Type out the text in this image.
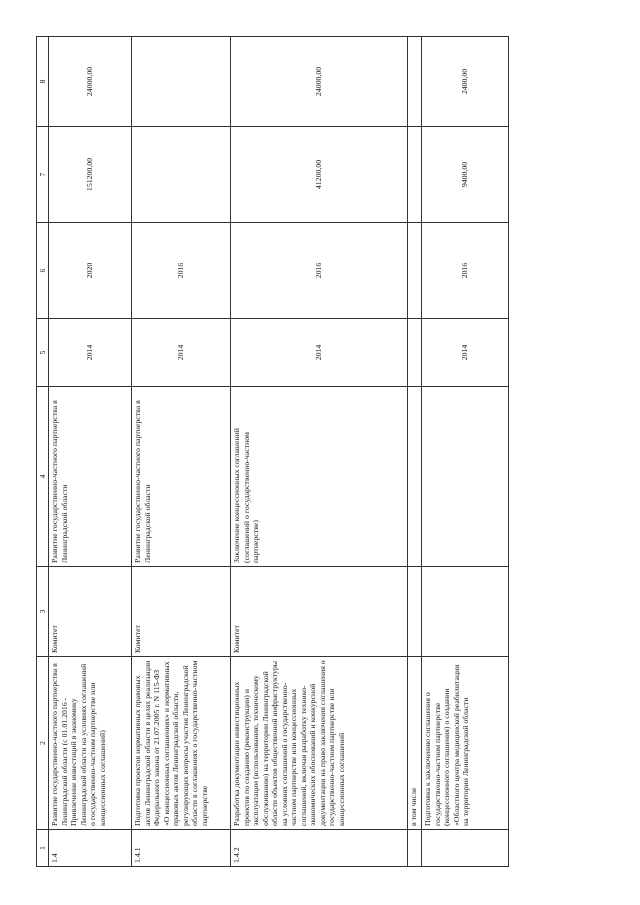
1	2	3	4	5	6	7	8
1.4	Развитие государственно-частного партнерства в Ленинградской области (с 01.01.2016 - Привлечение инвестиций в экономику Ленинградской области на условиях соглашений о государственно-частном партнерстве или концессионных соглашений)	Комитет	Развитие государственно-частного партнерства в Ленинградской области	2014	2020	151200,00	24000,00
1.4.1	Подготовка проектов нормативных правовых актов Ленинградской области в целях реализации Федерального закона от 21.07.2005 г. N 115-ФЗ «О концессионных соглашениях» и нормативных правовых актов Ленинградской области, регулирующих вопросы участия Ленинградской области в соглашениях о государственно-частном партнерстве	Комитет	Развитие государственно-частного партнерства в Ленинградской области	2014	2016		
1.4.2	Разработка документации инвестиционных проектов по созданию (реконструкции) и эксплуатации (использованию, техническому обслуживанию) на территории Ленинградской области объектов общественной инфраструктуры на условиях соглашений о государственно-частном партнерстве или концессионных соглашений, включая разработку технико-экономических обоснований и конкурсной документации на право заключения соглашения о государственно-частном партнерстве или концессионных соглашений	Комитет	Заключение концессионных соглашений (соглашений о государственно-частном партнерстве)	2014	2016	41200,00	24000,00
	в том числе						
	Подготовка к заключению соглашения о государственно-частном партнерстве (концессионного соглашения) о создании «Областного центра медицинской реабилитации на территории Ленинградской области			2014	2016	9400,00	2400,00
